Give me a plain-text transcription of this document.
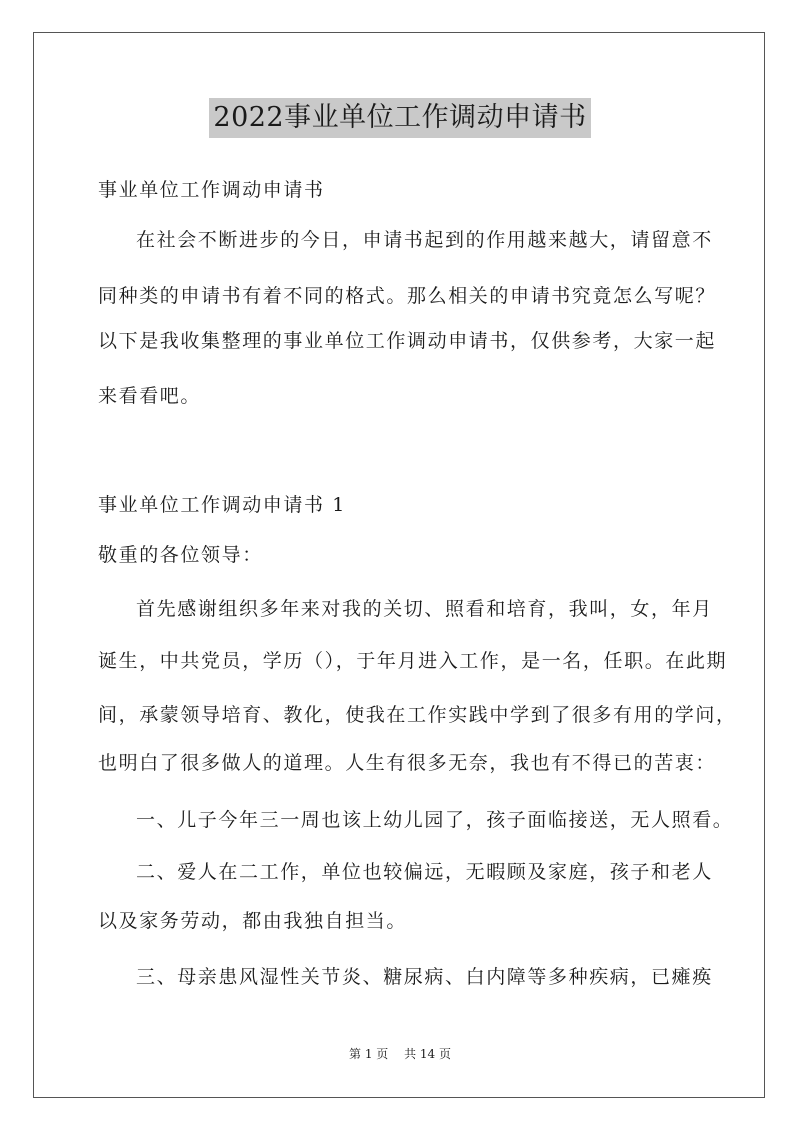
2022事业单位工作调动申请书
事业单位工作调动申请书
在社会不断进步的今日，申请书起到的作用越来越大，请留意不
同种类的申请书有着不同的格式。那么相关的申请书究竟怎么写呢？
以下是我收集整理的事业单位工作调动申请书，仅供参考，大家一起
来看看吧。
事业单位工作调动申请书 1
敬重的各位领导：
首先感谢组织多年来对我的关切、照看和培育，我叫，女，年月
诞生，中共党员，学历（），于年月进入工作，是一名，任职。在此期
间，承蒙领导培育、教化，使我在工作实践中学到了很多有用的学问，
也明白了很多做人的道理。人生有很多无奈，我也有不得已的苦衷：
一、儿子今年三一周也该上幼儿园了，孩子面临接送，无人照看。
二、爱人在二工作，单位也较偏远，无暇顾及家庭，孩子和老人
以及家务劳动，都由我独自担当。
三、母亲患风湿性关节炎、糖尿病、白内障等多种疾病，已瘫痪
第 1 页 共 14 页
